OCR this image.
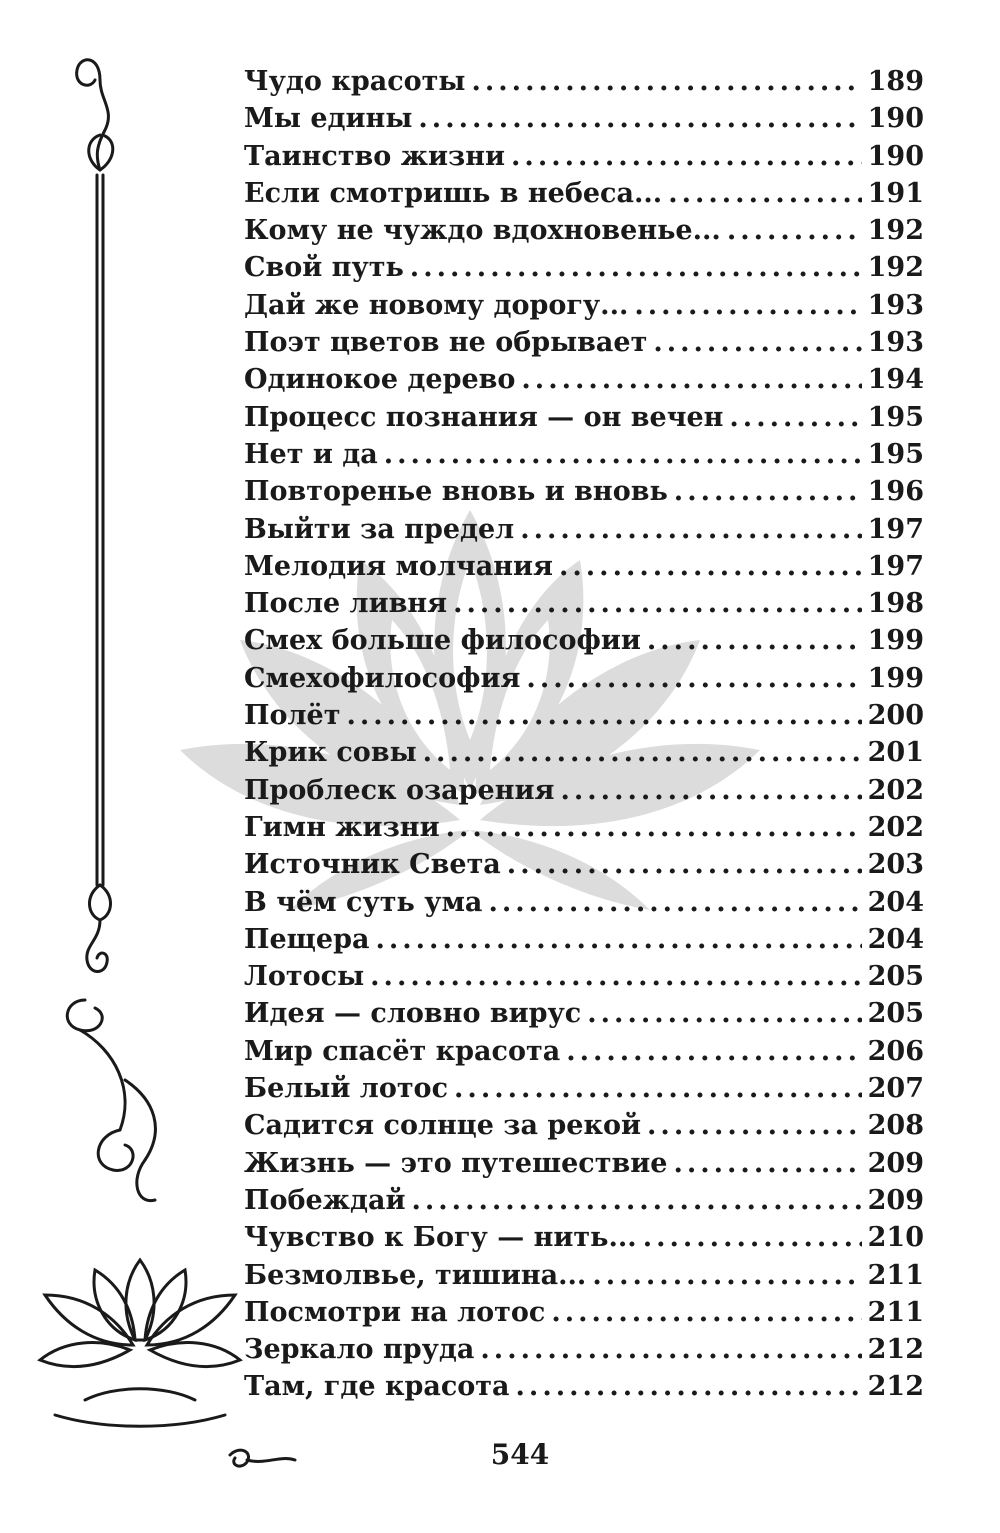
Чудо красоты .....	189
Мы едины .....	190
Таинство жизни .....	190
Если смотришь в небеса... .....	191
Кому не чуждо вдохновенье... .....	192
Свой путь .....	192
Дай же новому дорогу... .....	193
Поэт цветов не обрывает .....	193
Одинокое дерево .....	194
Процесс познания — он вечен .....	195
Нет и да .....	195
Повторенье вновь и вновь .....	196
Выйти за предел .....	197
Мелодия молчания .....	197
После ливня .....	198
Смех больше философии .....	199
Смехофилософия .....	199
Полёт .....	200
Крик совы .....	201
Проблеск озарения .....	202
Гимн жизни .....	202
Источник Света .....	203
В чём суть ума .....	204
Пещера .....	204
Лотосы .....	205
Идея — словно вирус .....	205
Мир спасёт красота .....	206
Белый лотос .....	207
Садится солнце за рекой .....	208
Жизнь — это путешествие .....	209
Побеждай .....	209
Чувство к Богу — нить... .....	210
Безмолвье, тишина... .....	211
Посмотри на лотос .....	211
Зеркало пруда .....	212
Там, где красота .....	212
544
